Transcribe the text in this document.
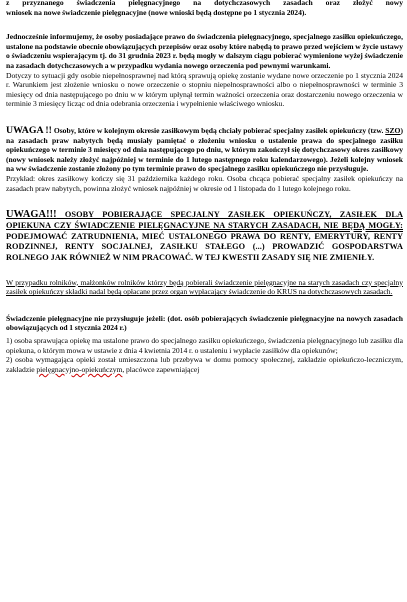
z przyznanego świadczenia pielęgnacyjnego na dotychczasowych zasadach oraz złożyć nowy
wniosek na nowe świadczenie pielęgnacyjne (nowe wnioski będą dostępne po 1 stycznia 2024).

Jednocześnie informujemy, że osoby posiadające prawo do świadczenia pielęgnacyjnego, specjalnego zasiłku opiekuńczego, ustalone na podstawie obecnie obowiązujących przepisów oraz osoby które nabędą to prawo przed wejściem w życie ustawy o świadczeniu wspierającym tj. do 31 grudnia 2023 r. będą mogły w dalszym ciągu pobierać wymienione wyżej świadczenie na zasadach dotychczasowych a w przypadku wydania nowego orzeczenia pod pewnymi warunkami.

Dotyczy to sytuacji gdy osobie niepełnosprawnej nad którą sprawują opiekę zostanie wydane nowe orzeczenie po 1 stycznia 2024 r. Warunkiem jest złożenie wniosku o nowe orzeczenie o stopniu niepełnosprawności albo o niepełnosprawności w terminie 3 miesięcy od dnia następującego po dniu w w którym upłynął termin ważności orzeczenia oraz dostarczeniu nowego orzeczenia w terminie 3 miesięcy licząc od dnia odebrania orzeczenia i wypełnienie właściwego wniosku.

UWAGA !! Osoby, które w kolejnym okresie zasiłkowym będą chciały pobierać specjalny zasiłek opiekuńczy (tzw. SZO) na zasadach praw nabytych będą musiały pamiętać o złożeniu wniosku o ustalenie prawa do specjalnego zasiłku opiekuńczego w terminie 3 miesięcy od dnia następującego po dniu, w którym zakończył się dotychczasowy okres zasiłkowy (nowy wniosek należy złożyć najpóźniej w terminie do 1 lutego następnego roku kalendarzowego). Jeżeli kolejny wniosek na ww świadczenie zostanie złożony po tym terminie prawo do specjalnego zasiłku opiekuńczego nie przysługuje.

Przykład: okres zasiłkowy kończy się 31 października każdego roku. Osoba chcąca pobierać specjalny zasiłek opiekuńczy na zasadach praw nabytych, powinna złożyć wniosek najpóźniej w okresie od 1 listopada do 1 lutego kolejnego roku.

UWAGA!!! OSOBY POBIERAJĄCE SPECJALNY ZASIŁEK OPIEKUŃCZY, ZASIŁEK DLA OPIEKUNA CZY ŚWIADCZENIE PIELĘGNACYJNE NA STARYCH ZASADACH, NIE BĘDĄ MOGŁY: PODEJMOWAĆ ZATRUDNIENIA, MIEĆ USTALONEGO PRAWA DO RENTY, EMERYTURY, RENTY RODZINNEJ, RENTY SOCJALNEJ, ZASIŁKU STAŁEGO (...) PROWADZIĆ GOSPODARSTWA ROLNEGO JAK RÓWNIEŻ W NIM PRACOWAĆ. W TEJ KWESTII ZASADY SIĘ NIE ZMIENIŁY.

W przypadku rolników, małżonków rolników którzy będą pobierali świadczenie pielęgnacyjne na starych zasadach czy specjalny zasiłek opiekuńczy składki nadal będą opłacane przez organ wypłacający świadczenie do KRUS na dotychczasowych zasadach.

Świadczenie pielęgnacyjne nie przysługuje jeżeli: (dot. osób pobierających świadczenie pielęgnacyjne na nowych zasadach obowiązujących od 1 stycznia 2024 r.)

1) osoba sprawująca opiekę ma ustalone prawo do specjalnego zasiłku opiekuńczego, świadczenia pielęgnacyjnego lub zasiłku dla opiekuna, o którym mowa w ustawie z dnia 4 kwietnia 2014 r. o ustaleniu i wypłacie zasiłków dla opiekunów;
2) osoba wymagająca opieki został umieszczona lub przebywa w domu pomocy społecznej, zakładzie opiekuńczo-leczniczym, zakładzie pielęgnacyjno-opiekuńczym, placówce zapewniającej
